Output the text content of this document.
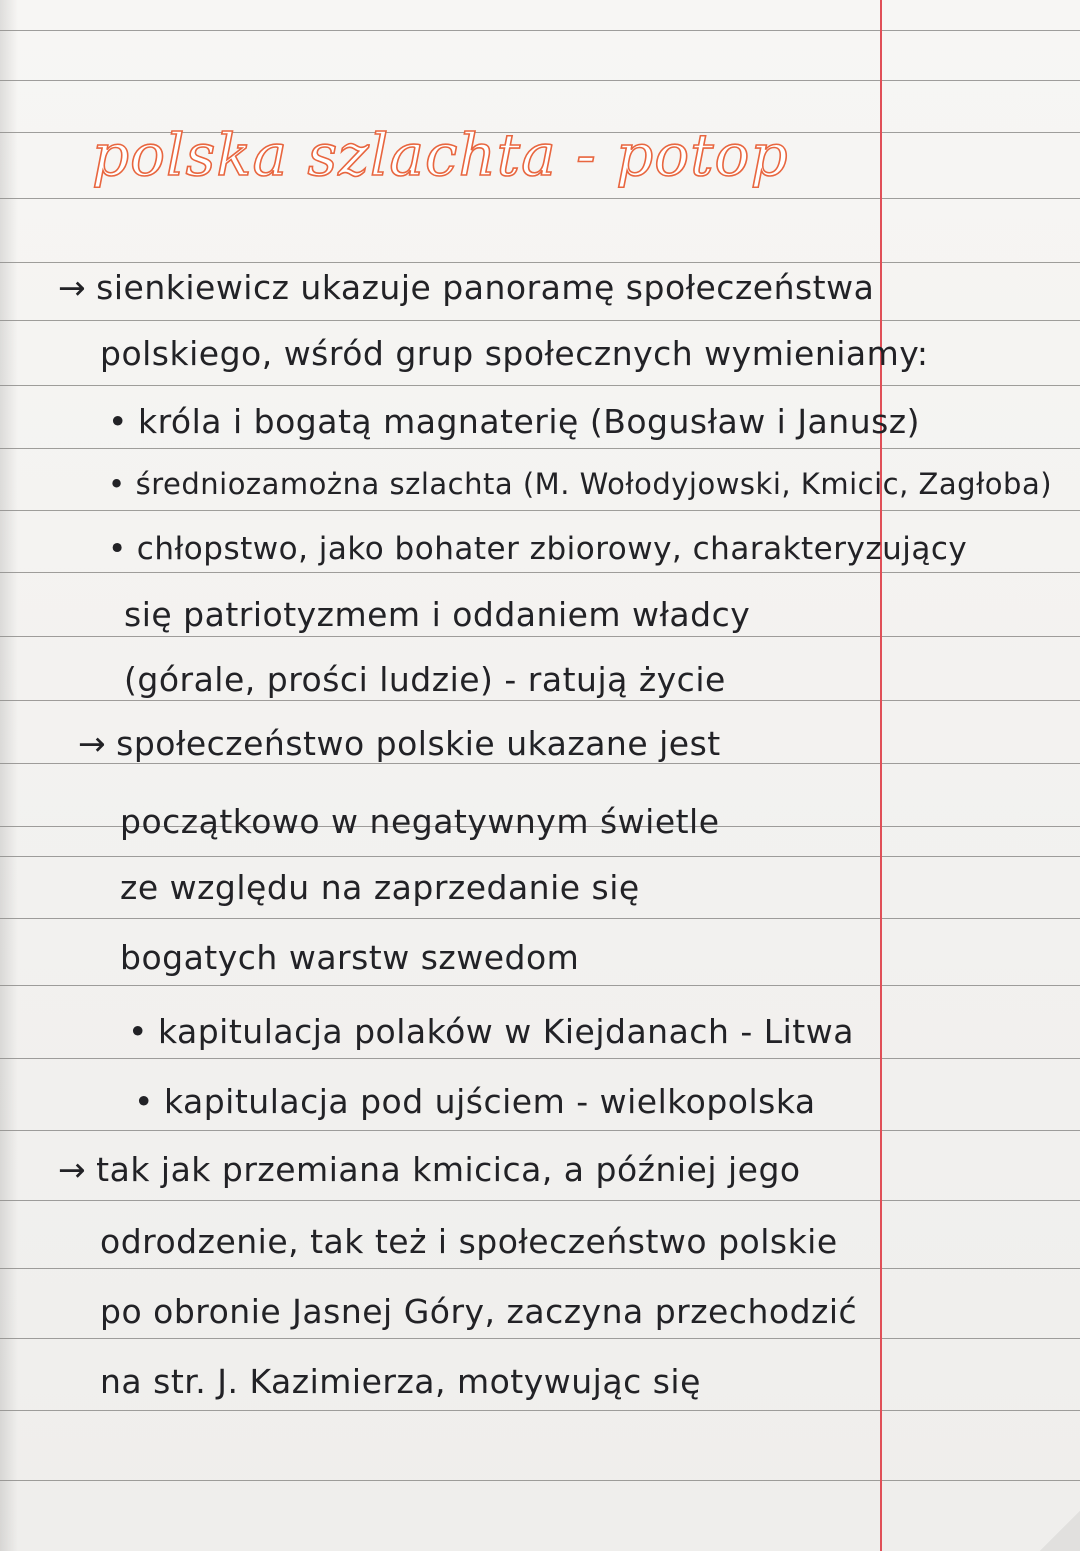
polska szlachta - potop
→ sienkiewicz ukazuje panoramę społeczeństwa
polskiego, wśród grup społecznych wymieniamy:
• króla i bogatą magnaterię (Bogusław i Janusz)
• średniozamożna szlachta (M. Wołodyjowski, Kmicic, Zagłoba)
• chłopstwo, jako bohater zbiorowy, charakteryzujący
się patriotyzmem i oddaniem władcy
(górale, prości ludzie) - ratują życie
→ społeczeństwo polskie ukazane jest
początkowo w negatywnym świetle
ze względu na zaprzedanie się
bogatych warstw szwedom
• kapitulacja polaków w Kiejdanach - Litwa
• kapitulacja pod ujściem - wielkopolska
→ tak jak przemiana kmicica, a później jego
odrodzenie, tak też i społeczeństwo polskie
po obronie Jasnej Góry, zaczyna przechodzić
na str. J. Kazimierza, motywując się
